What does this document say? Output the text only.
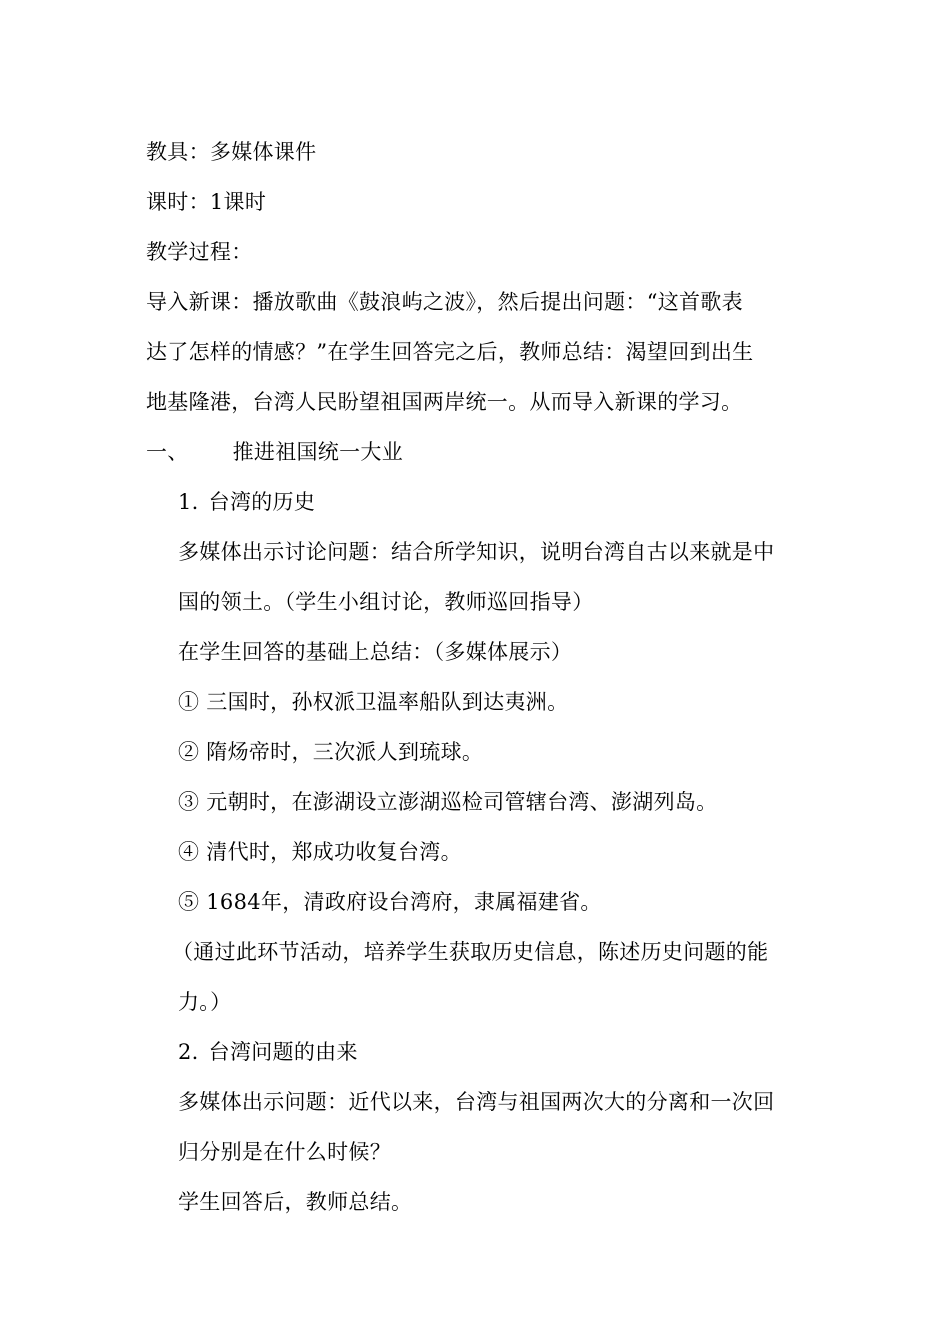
教具：多媒体课件
课时：1课时
教学过程：
导入新课：播放歌曲《鼓浪屿之波》，然后提出问题：“这首歌表
达了怎样的情感？”在学生回答完之后，教师总结：渴望回到出生
地基隆港，台湾人民盼望祖国两岸统一。从而导入新课的学习。
一、 推进祖国统一大业
1. 台湾的历史
多媒体出示讨论问题：结合所学知识，说明台湾自古以来就是中
国的领土。（学生小组讨论，教师巡回指导）
在学生回答的基础上总结：（多媒体展示）
① 三国时，孙权派卫温率船队到达夷洲。
② 隋炀帝时，三次派人到琉球。
③ 元朝时，在澎湖设立澎湖巡检司管辖台湾、澎湖列岛。
④ 清代时，郑成功收复台湾。
⑤ 1684年，清政府设台湾府，隶属福建省。
（通过此环节活动，培养学生获取历史信息，陈述历史问题的能
力。）
2. 台湾问题的由来
多媒体出示问题：近代以来，台湾与祖国两次大的分离和一次回
归分别是在什么时候？
学生回答后，教师总结。
